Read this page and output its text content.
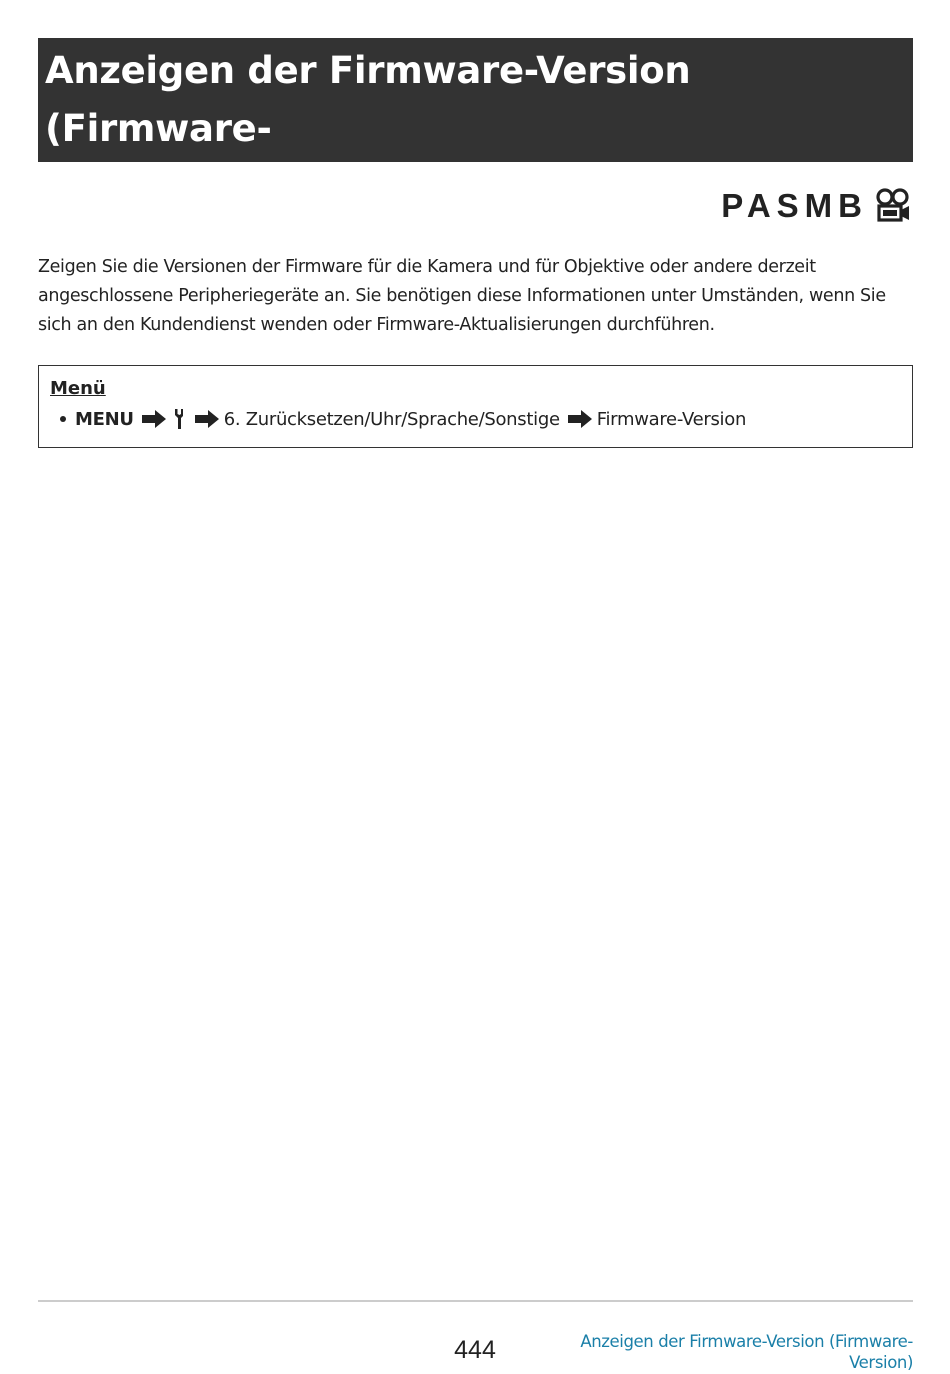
Anzeigen der Firmware-Version (Firmware-
Version)	PASMB

Zeigen Sie die Versionen der Firmware für die Kamera und für Objektive oder andere derzeit
angeschlossene Peripheriegeräte an. Sie benötigen diese Informationen unter Umständen, wenn Sie
sich an den Kundendienst wenden oder Firmware-Aktualisierungen durchführen.

Menü
MENU	6. Zurücksetzen/Uhr/Sprache/Sonstige Firmware-Version
444	Anzeigen der Firmware-Version (Firmware-
Version)
